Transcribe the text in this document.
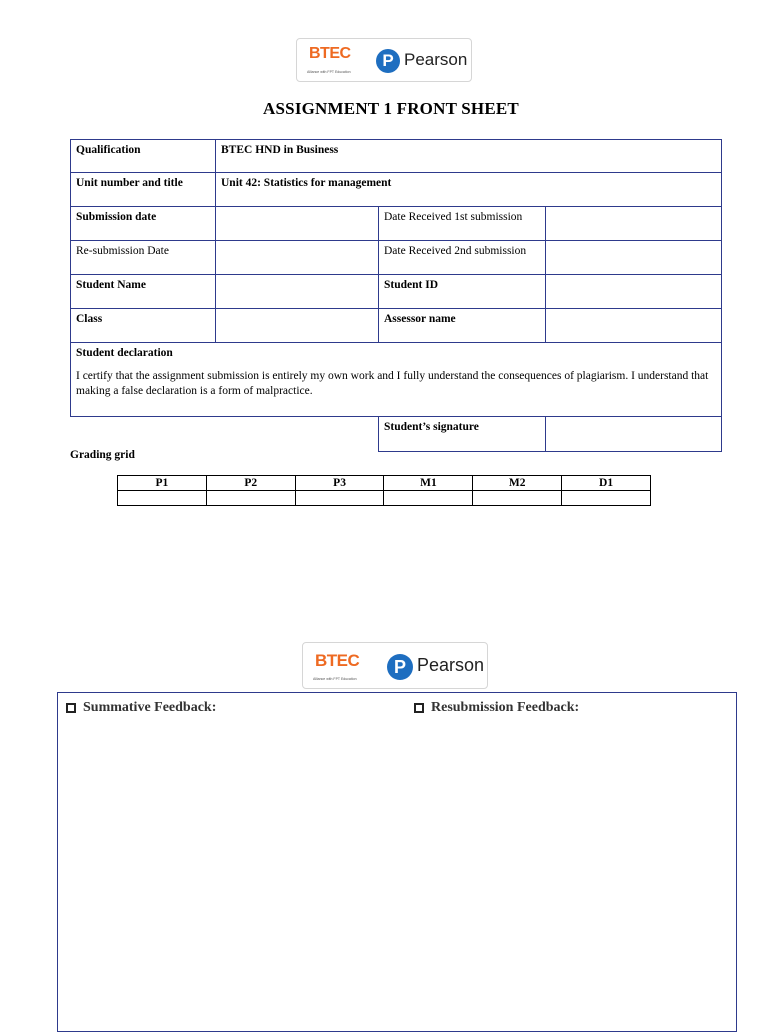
BTEC
Alliance with FPT Education
P Pearson
ASSIGNMENT 1 FRONT SHEET
Qualification	BTEC HND in Business		
Unit number and title	Unit 42: Statistics for management		
Submission date		Date Received 1st submission	
Re-submission Date		Date Received 2nd submission	
Student Name		Student ID	
Class		Assessor name	

Student declaration
I certify that the assignment submission is entirely my own work and I fully understand the consequences of plagiarism. I understand that making a false declaration is a form of malpractice.			

		Student’s signature	
Grading grid
P1	P2	P3	M1	M2	D1

BTEC
Alliance with FPT Education
P Pearson
Summative Feedback:	Resubmission Feedback:
